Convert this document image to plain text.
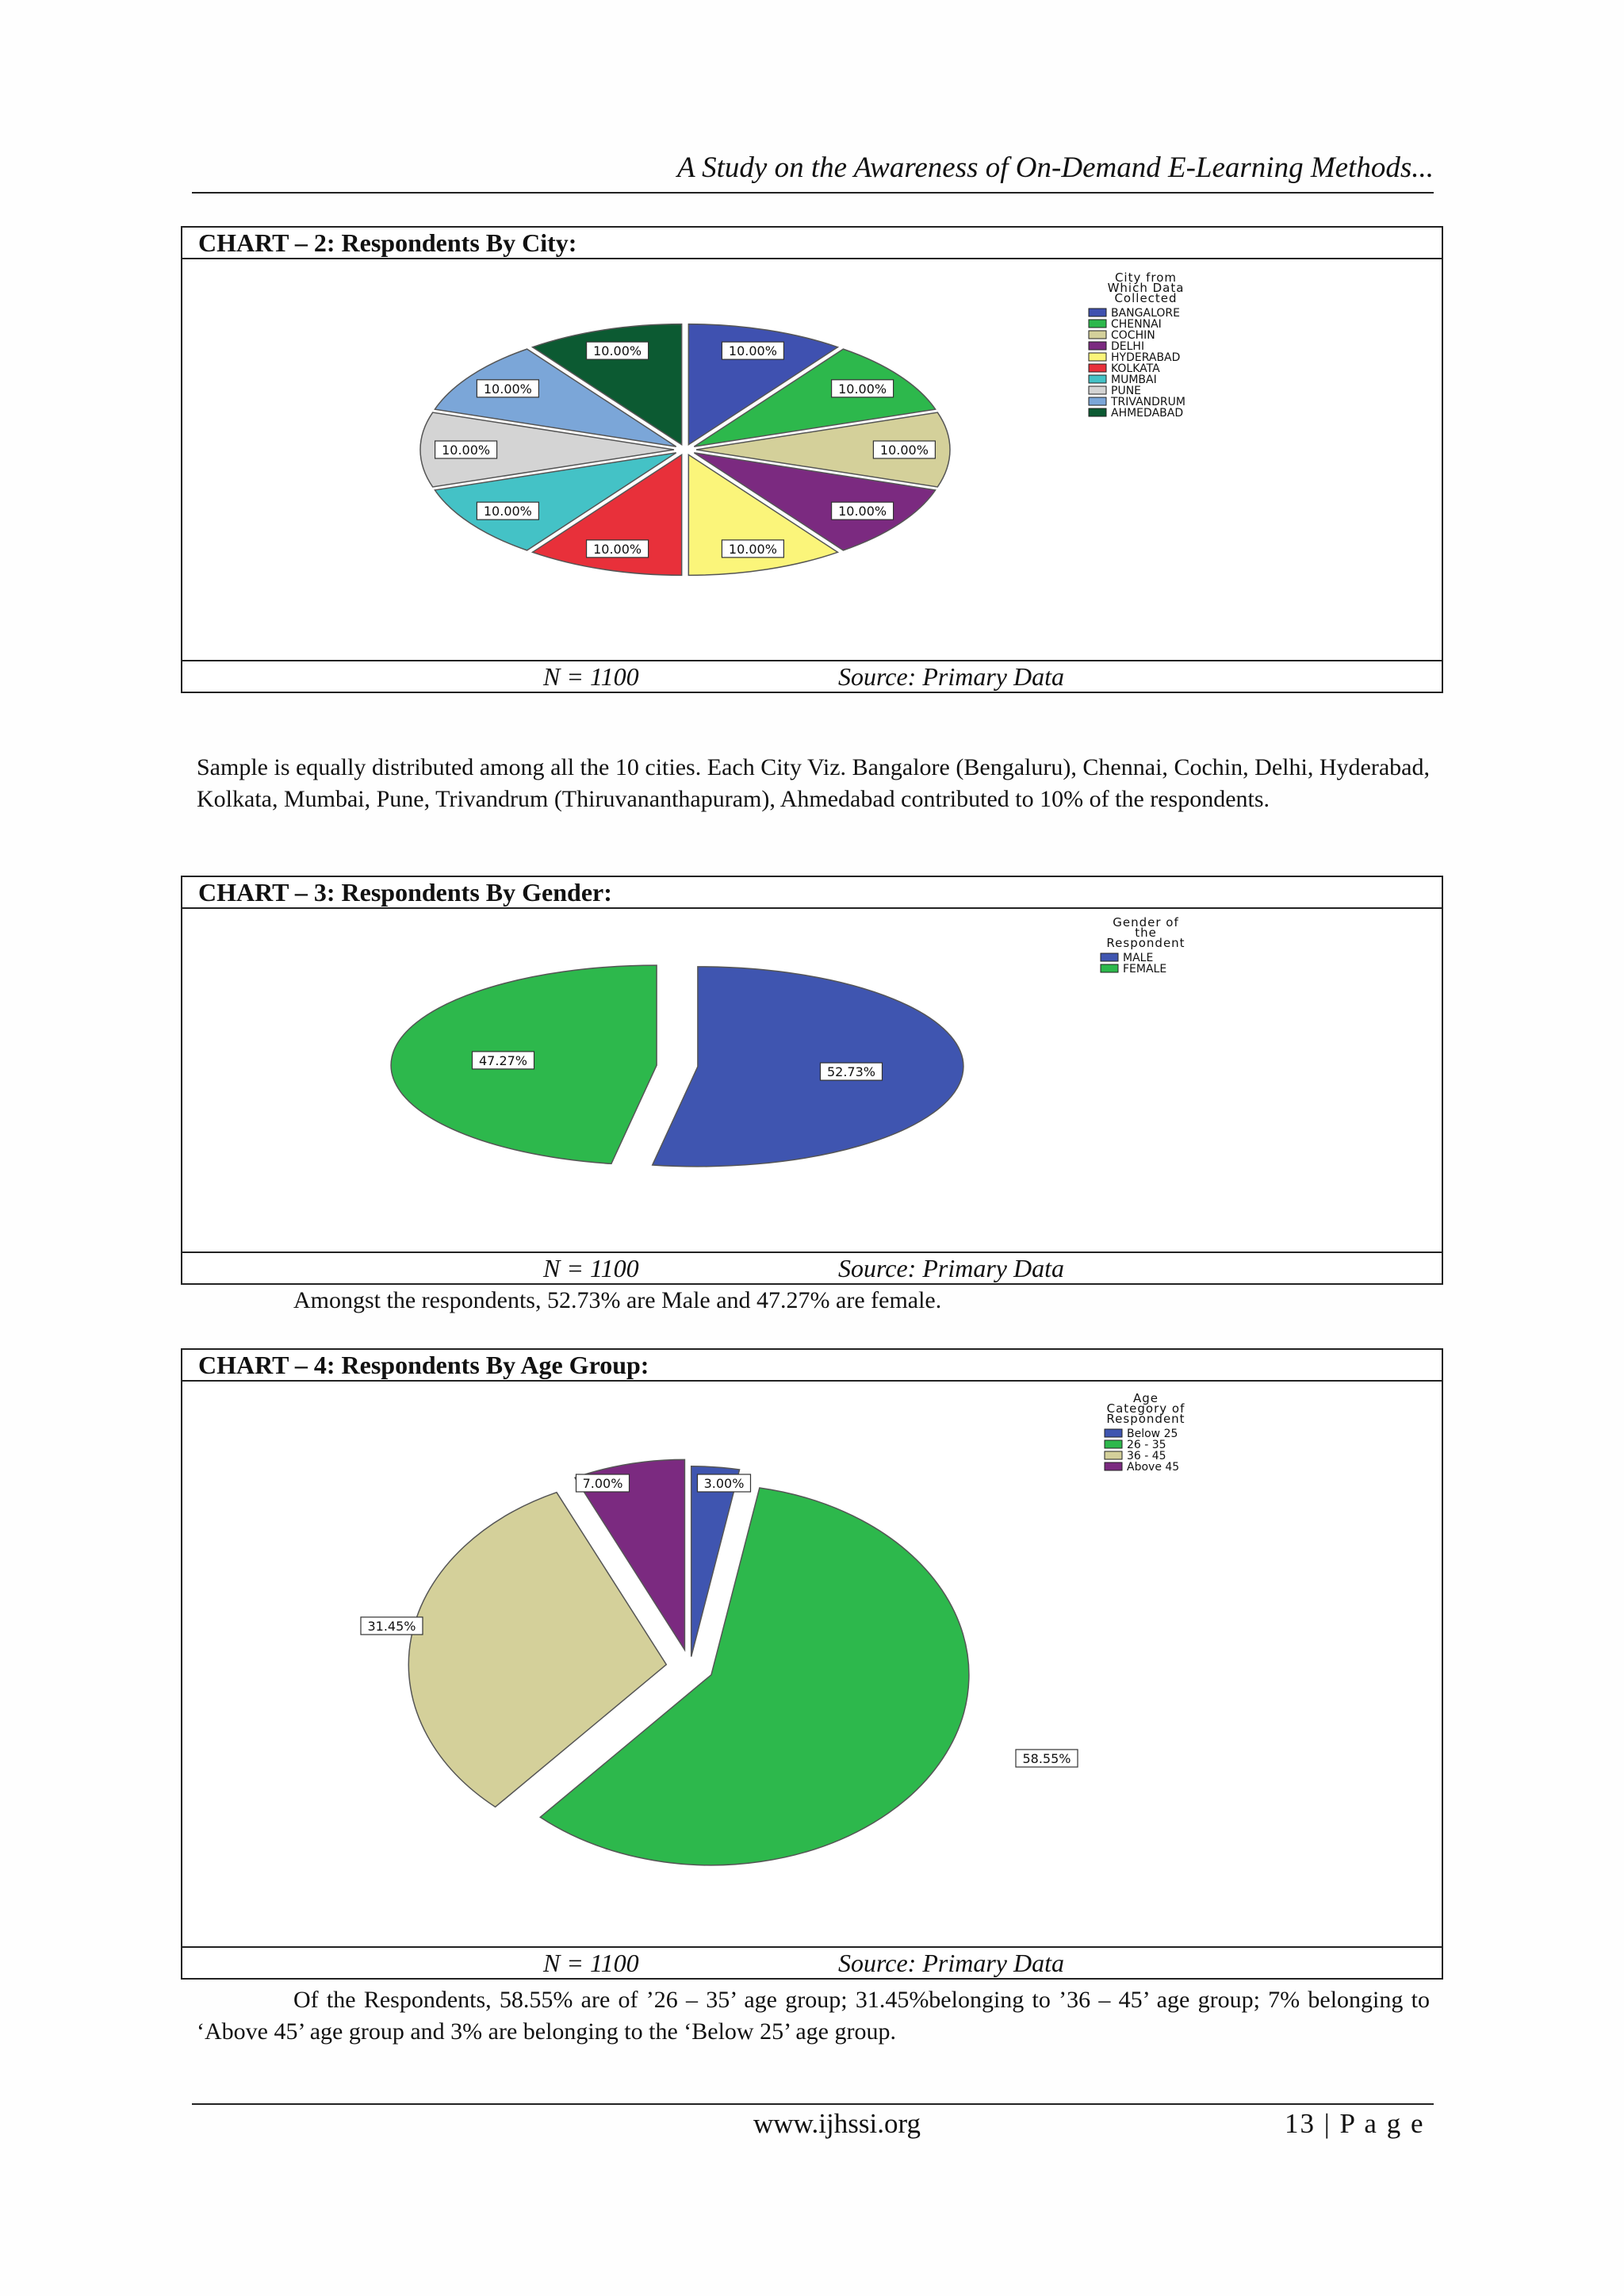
A Study on the Awareness of On-Demand E-Learning Methods...
CHART – 2: Respondents By City:
10.00%
10.00%
10.00%
10.00%
10.00%
10.00%
10.00%
10.00%
10.00%
10.00%
City from
Which Data
Collected
BANGALORE
CHENNAI
COCHIN
DELHI
HYDERABAD
KOLKATA
MUMBAI
PUNE
TRIVANDRUM
AHMEDABAD
N = 1100	Source: Primary Data

Sample is equally distributed among all the 10 cities. Each City Viz. Bangalore (Bengaluru), Chennai, Cochin, Delhi, Hyderabad, Kolkata, Mumbai, Pune, Trivandrum (Thiruvananthapuram), Ahmedabad contributed to 10% of the respondents.

CHART – 3: Respondents By Gender:
52.73%
47.27%
Gender of
the
Respondent
MALE
FEMALE
N = 1100	Source: Primary Data

Amongst the respondents, 52.73% are Male and 47.27% are female.

CHART – 4: Respondents By Age Group:
3.00%
58.55%
31.45%
7.00%
Age
Category of
Respondent
Below 25
26 - 35
36 - 45
Above 45
N = 1100	Source: Primary Data

Of the Respondents, 58.55% are of ’26 – 35’ age group; 31.45%belonging to ’36 – 45’ age group; 7% belonging to ‘Above 45’ age group and 3% are belonging to the ‘Below 25’ age group.

www.ijhssi.org	13 | P a g e
